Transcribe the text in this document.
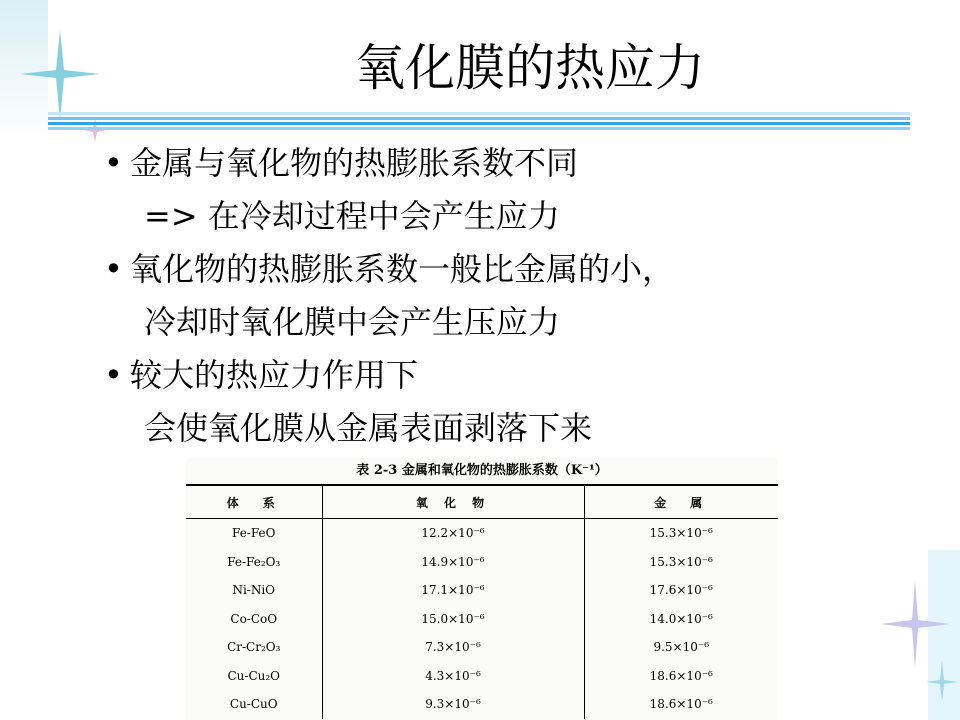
氧化膜的热应力
• 金属与氧化物的热膨胀系数不同
=> 在冷却过程中会产生应力
• 氧化物的热膨胀系数一般比金属的小，
冷却时氧化膜中会产生压应力
• 较大的热应力作用下
会使氧化膜从金属表面剥落下来
表 2-3 金属和氧化物的热膨胀系数（K⁻¹）
体　系	氧 化 物	金　属
Fe-FeO	12.2×10⁻⁶	15.3×10⁻⁶
Fe-Fe₂O₃	14.9×10⁻⁶	15.3×10⁻⁶
Ni-NiO	17.1×10⁻⁶	17.6×10⁻⁶
Co-CoO	15.0×10⁻⁶	14.0×10⁻⁶
Cr-Cr₂O₃	7.3×10⁻⁶	9.5×10⁻⁶
Cu-Cu₂O	4.3×10⁻⁶	18.6×10⁻⁶
Cu-CuO	9.3×10⁻⁶	18.6×10⁻⁶
